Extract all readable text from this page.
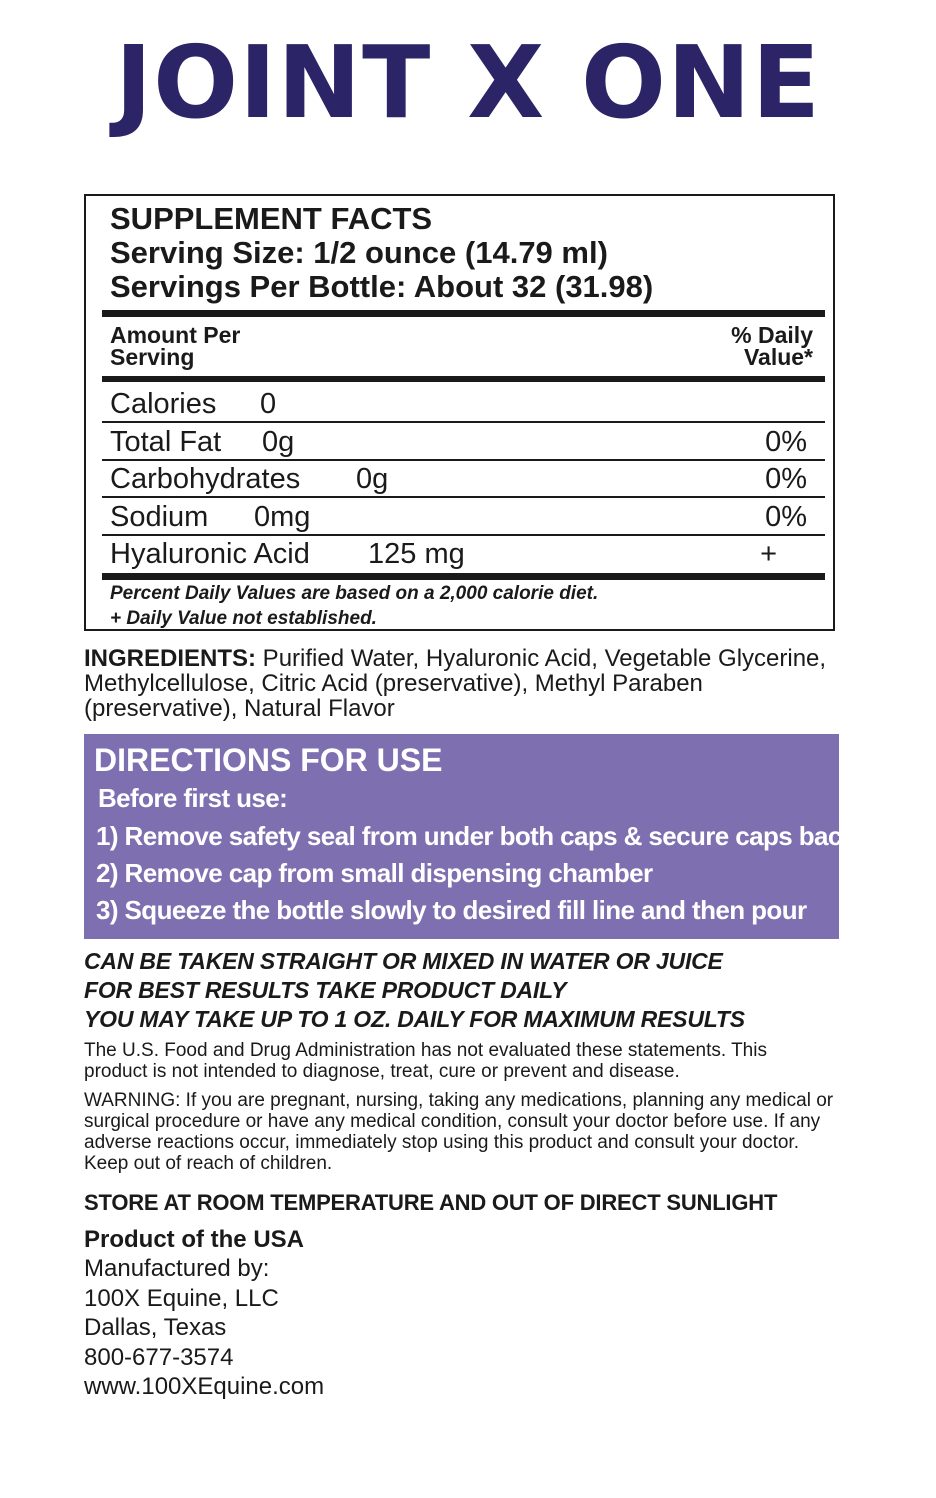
JOINT X ONE
SUPPLEMENT FACTS
Serving Size: 1/2 ounce (14.79 ml)
Servings Per Bottle: About 32 (31.98)
Amount Per
Serving
% Daily
Value*
Calories 0
Total Fat 0g	0%
Carbohydrates 0g	0%
Sodium 0mg	0%
Hyaluronic Acid 125 mg	+
Percent Daily Values are based on a 2,000 calorie diet.
+ Daily Value not established.
INGREDIENTS: Purified Water, Hyaluronic Acid, Vegetable Glycerine, Methylcellulose, Citric Acid (preservative), Methyl Paraben (preservative), Natural Flavor
DIRECTIONS FOR USE
Before first use:
1) Remove safety seal from under both caps & secure caps back on
2) Remove cap from small dispensing chamber
3) Squeeze the bottle slowly to desired fill line and then pour
CAN BE TAKEN STRAIGHT OR MIXED IN WATER OR JUICE
FOR BEST RESULTS TAKE PRODUCT DAILY
YOU MAY TAKE UP TO 1 OZ. DAILY FOR MAXIMUM RESULTS
The U.S. Food and Drug Administration has not evaluated these statements. This product is not intended to diagnose, treat, cure or prevent and disease.
WARNING: If you are pregnant, nursing, taking any medications, planning any medical or surgical procedure or have any medical condition, consult your doctor before use. If any adverse reactions occur, immediately stop using this product and consult your doctor. Keep out of reach of children.
STORE AT ROOM TEMPERATURE AND OUT OF DIRECT SUNLIGHT
Product of the USA
Manufactured by:
100X Equine, LLC
Dallas, Texas
800-677-3574
www.100XEquine.com
